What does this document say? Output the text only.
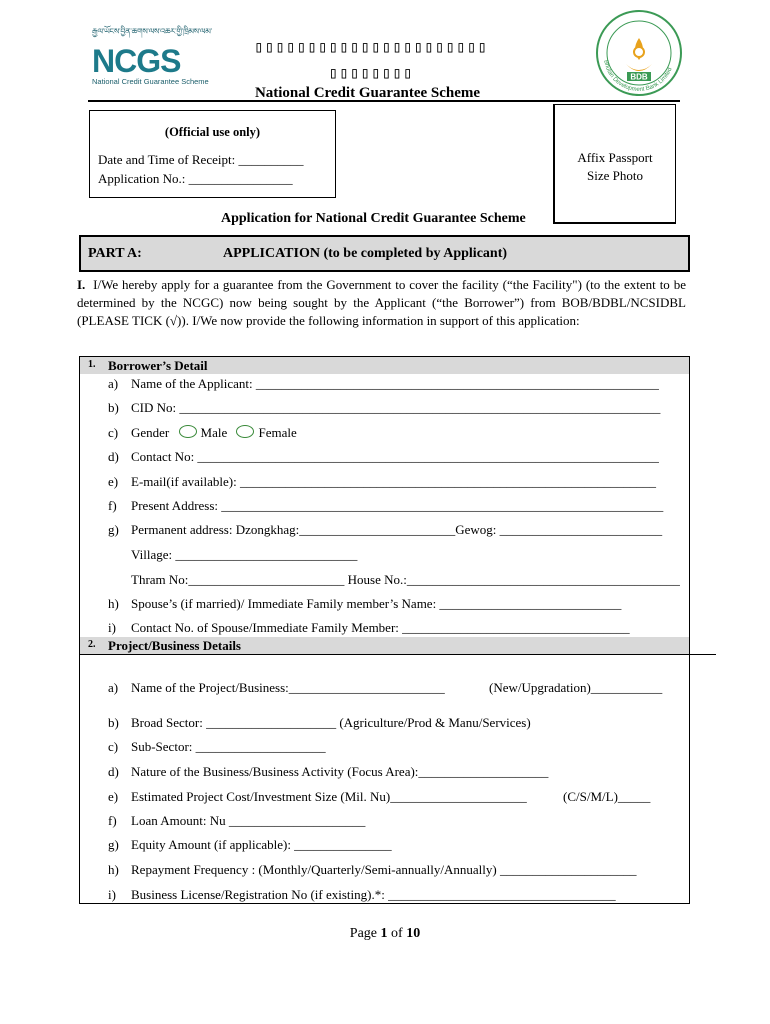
རྒྱལ་ཡོངས་བྱིན་ཆགས་ལས་འཆར་གྱི་ཁྲིམས་ལམ་
NCGS
National Credit Guarantee Scheme	BDB
Bhutan Development Bank Limited
▯▯▯▯▯▯▯▯▯▯▯▯▯▯▯▯▯▯▯▯▯▯
▯▯▯▯▯▯▯▯
National Credit Guarantee Scheme
(Official use only)
Date and Time of Receipt: __________
Application No.: ________________
Affix Passport
Size Photo
Application for National Credit Guarantee Scheme
PART A:	APPLICATION (to be completed by Applicant)
I. I/We hereby apply for a guarantee from the Government to cover the facility (“the Facility") (to the extent to be determined by the NCGC) now being sought by the Applicant (“the Borrower”) from BOB/BDBL/NCSIDBL (PLEASE TICK (√)). I/We now provide the following information in support of this application:
1. Borrower’s Detail
a) Name of the Applicant: ______________________________________________________________
b) CID No: __________________________________________________________________________
c) Gender Male Female
d) Contact No: _______________________________________________________________________
e) E-mail(if available): ________________________________________________________________
f) Present Address: ____________________________________________________________________
g) Permanent address: Dzongkhag:________________________Gewog: _________________________
Village: ____________________________
Thram No:________________________ House No.:__________________________________________
h) Spouse’s (if married)/ Immediate Family member’s Name: ____________________________
i) Contact No. of Spouse/Immediate Family Member: ___________________________________
2. Project/Business Details
a) Name of the Project/Business:________________________	(New/Upgradation)___________
b) Broad Sector: ____________________ (Agriculture/Prod & Manu/Services)
c) Sub-Sector: ____________________
d) Nature of the Business/Business Activity (Focus Area):____________________
e) Estimated Project Cost/Investment Size (Mil. Nu)_____________________	(C/S/M/L)_____
f) Loan Amount: Nu _____________________
g) Equity Amount (if applicable): _______________
h) Repayment Frequency : (Monthly/Quarterly/Semi-annually/Annually) _____________________
i) Business License/Registration No (if existing).*: ___________________________________
Page 1 of 10
